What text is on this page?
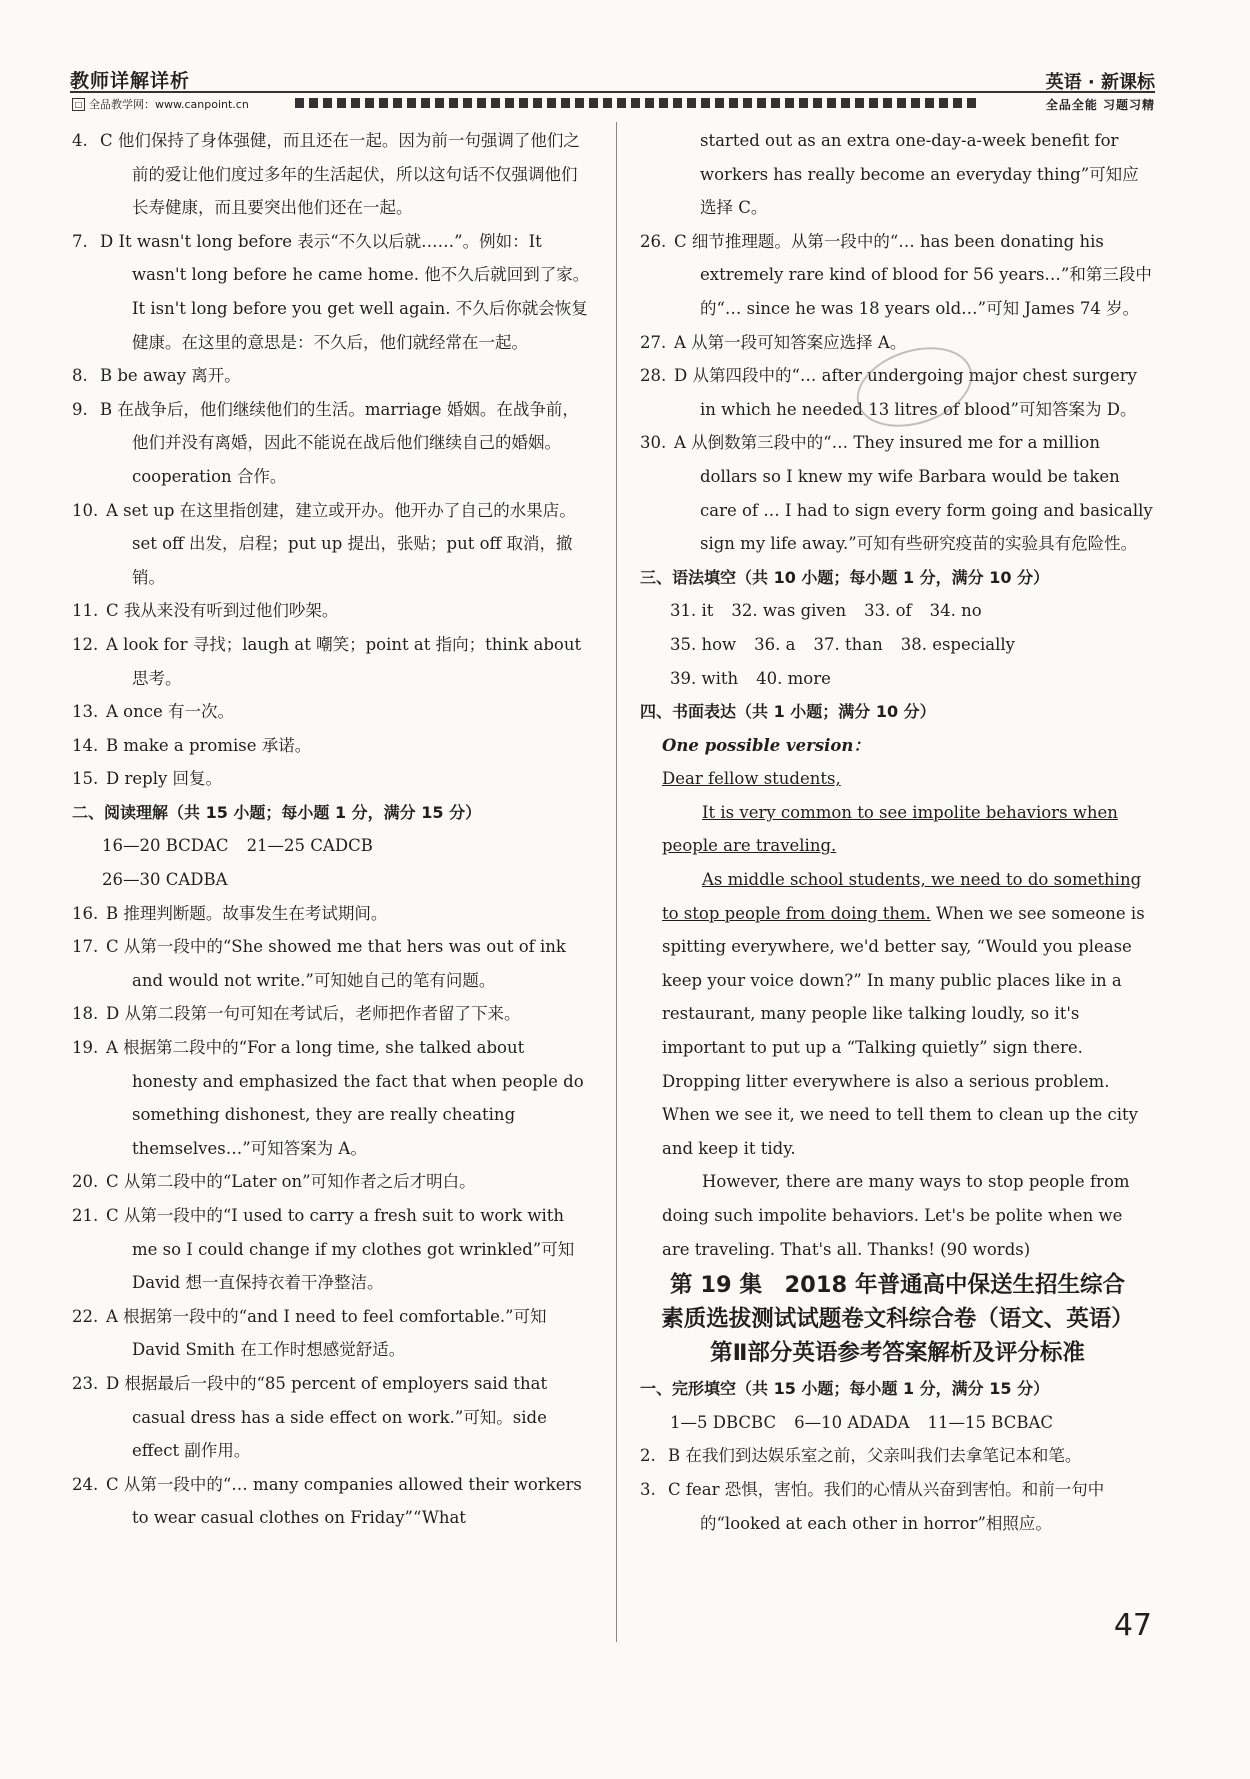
教师详解详析	英语 · 新课标
□ 全品教学网：www.canpoint.cn	全品全能 习题习精

4. C 他们保持了身体强健，而且还在一起。因为前一句强调了他们之前的爱让他们度过多年的生活起伏，所以这句话不仅强调他们长寿健康，而且要突出他们还在一起。

7. D It wasn't long before 表示“不久以后就……”。例如：It wasn't long before he came home. 他不久后就回到了家。It isn't long before you get well again. 不久后你就会恢复健康。在这里的意思是：不久后，他们就经常在一起。

8. B be away 离开。

9. B 在战争后，他们继续他们的生活。marriage 婚姻。在战争前，他们并没有离婚，因此不能说在战后他们继续自己的婚姻。cooperation 合作。

10. A set up 在这里指创建，建立或开办。他开办了自己的水果店。set off 出发，启程；put up 提出，张贴；put off 取消，撤销。

11. C 我从来没有听到过他们吵架。

12. A look for 寻找；laugh at 嘲笑；point at 指向；think about 思考。

13. A once 有一次。

14. B make a promise 承诺。

15. D reply 回复。

二、阅读理解（共 15 小题；每小题 1 分，满分 15 分）

16—20 BCDAC 21—25 CADCB

26—30 CADBA

16. B 推理判断题。故事发生在考试期间。

17. C 从第一段中的“She showed me that hers was out of ink and would not write.”可知她自己的笔有问题。

18. D 从第二段第一句可知在考试后，老师把作者留了下来。

19. A 根据第二段中的“For a long time, she talked about honesty and emphasized the fact that when people do something dishonest, they are really cheating themselves…”可知答案为 A。

20. C 从第二段中的“Later on”可知作者之后才明白。

21. C 从第一段中的“I used to carry a fresh suit to work with me so I could change if my clothes got wrinkled”可知 David 想一直保持衣着干净整洁。

22. A 根据第一段中的“and I need to feel comfortable.”可知 David Smith 在工作时想感觉舒适。

23. D 根据最后一段中的“85 percent of employers said that casual dress has a side effect on work.”可知。side effect 副作用。

24. C 从第一段中的“… many companies allowed their workers to wear casual clothes on Friday”“What

started out as an extra one-day-a-week benefit for workers has really become an everyday thing”可知应选择 C。

26. C 细节推理题。从第一段中的“… has been donating his extremely rare kind of blood for 56 years…”和第三段中的“… since he was 18 years old…”可知 James 74 岁。

27. A 从第一段可知答案应选择 A。

28. D 从第四段中的“… after undergoing major chest surgery in which he needed 13 litres of blood”可知答案为 D。

30. A 从倒数第三段中的“… They insured me for a million dollars so I knew my wife Barbara would be taken care of … I had to sign every form going and basically sign my life away.”可知有些研究疫苗的实验具有危险性。

三、语法填空（共 10 小题；每小题 1 分，满分 10 分）

31. it 32. was given 33. of 34. no

35. how 36. a 37. than 38. especially

39. with 40. more

四、书面表达（共 1 小题；满分 10 分）

One possible version：

Dear fellow students,

It is very common to see impolite behaviors when people are traveling.

As middle school students, we need to do something to stop people from doing them. When we see someone is spitting everywhere, we'd better say, “Would you please keep your voice down?” In many public places like in a restaurant, many people like talking loudly, so it's important to put up a “Talking quietly” sign there. Dropping litter everywhere is also a serious problem. When we see it, we need to tell them to clean up the city and keep it tidy.

However, there are many ways to stop people from doing such impolite behaviors. Let's be polite when we are traveling. That's all. Thanks! (90 words)

第 19 集　2018 年普通高中保送生招生综合

素质选拔测试试题卷文科综合卷（语文、英语）

第Ⅱ部分英语参考答案解析及评分标准

一、完形填空（共 15 小题；每小题 1 分，满分 15 分）

1—5 DBCBC 6—10 ADADA 11—15 BCBAC

2. B 在我们到达娱乐室之前，父亲叫我们去拿笔记本和笔。

3. C fear 恐惧，害怕。我们的心情从兴奋到害怕。和前一句中的“looked at each other in horror”相照应。

47
